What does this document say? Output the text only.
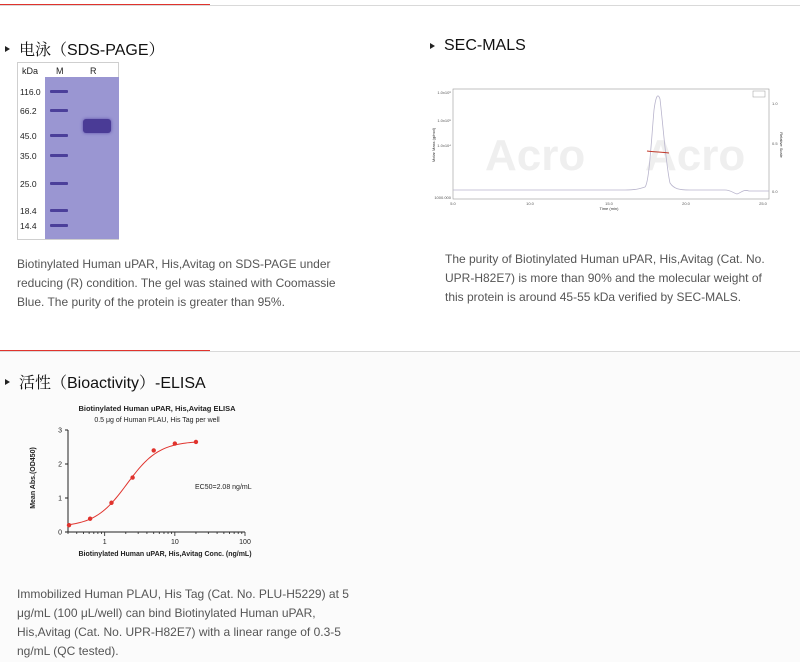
电泳（SDS-PAGE）
kDa M	R
116.0
66.2
45.0
35.0
25.0
18.4
14.4
Biotinylated Human uPAR, His,Avitag on SDS-PAGE under
reducing (R) condition. The gel was stained with Coomassie
Blue. The purity of the protein is greater than 95%.
SEC-MALS
Acro Acro
1.0x10⁶
1.0x10⁵
1.0x10⁴
1000.000
Molar Mass (g/mol)
1.0
0.5
0.0
Relative Scale
5.0	10.0	15.0	20.0	25.0
Time (min)
The purity of Biotinylated Human uPAR, His,Avitag (Cat. No.
UPR-H82E7) is more than 90% and the molecular weight of
this protein is around 45-55 kDa verified by SEC-MALS.
活性（Bioactivity）-ELISA
Biotinylated Human uPAR, His,Avitag ELISA
0.5 μg of Human PLAU, His Tag per well
Mean Abs.(OD450)
Biotinylated Human uPAR, His,Avitag Conc. (ng/mL)
EC50=2.08 ng/mL
0
1
2
3
1	10	100
Immobilized Human PLAU, His Tag (Cat. No. PLU-H5229) at 5
μg/mL (100 μL/well) can bind Biotinylated Human uPAR,
His,Avitag (Cat. No. UPR-H82E7) with a linear range of 0.3-5
ng/mL (QC tested).
